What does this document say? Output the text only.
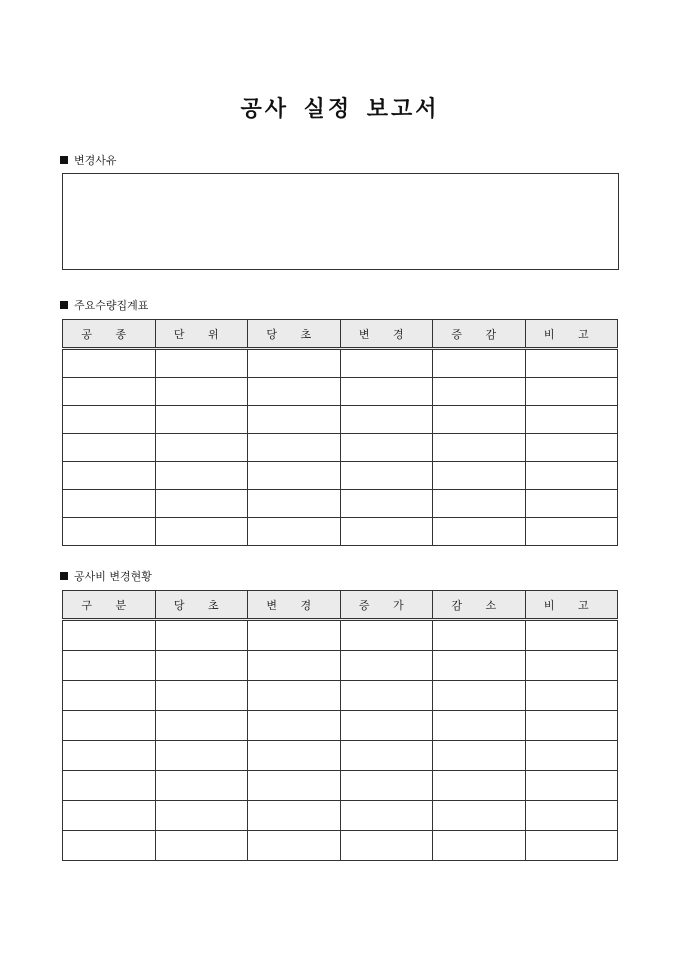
공사 실정 보고서
변경사유
주요수량집계표
공 종	단 위	당 초	변 경	증 감	비 고

공사비 변경현황
구 분	당 초	변 경	증 가	감 소	비 고
